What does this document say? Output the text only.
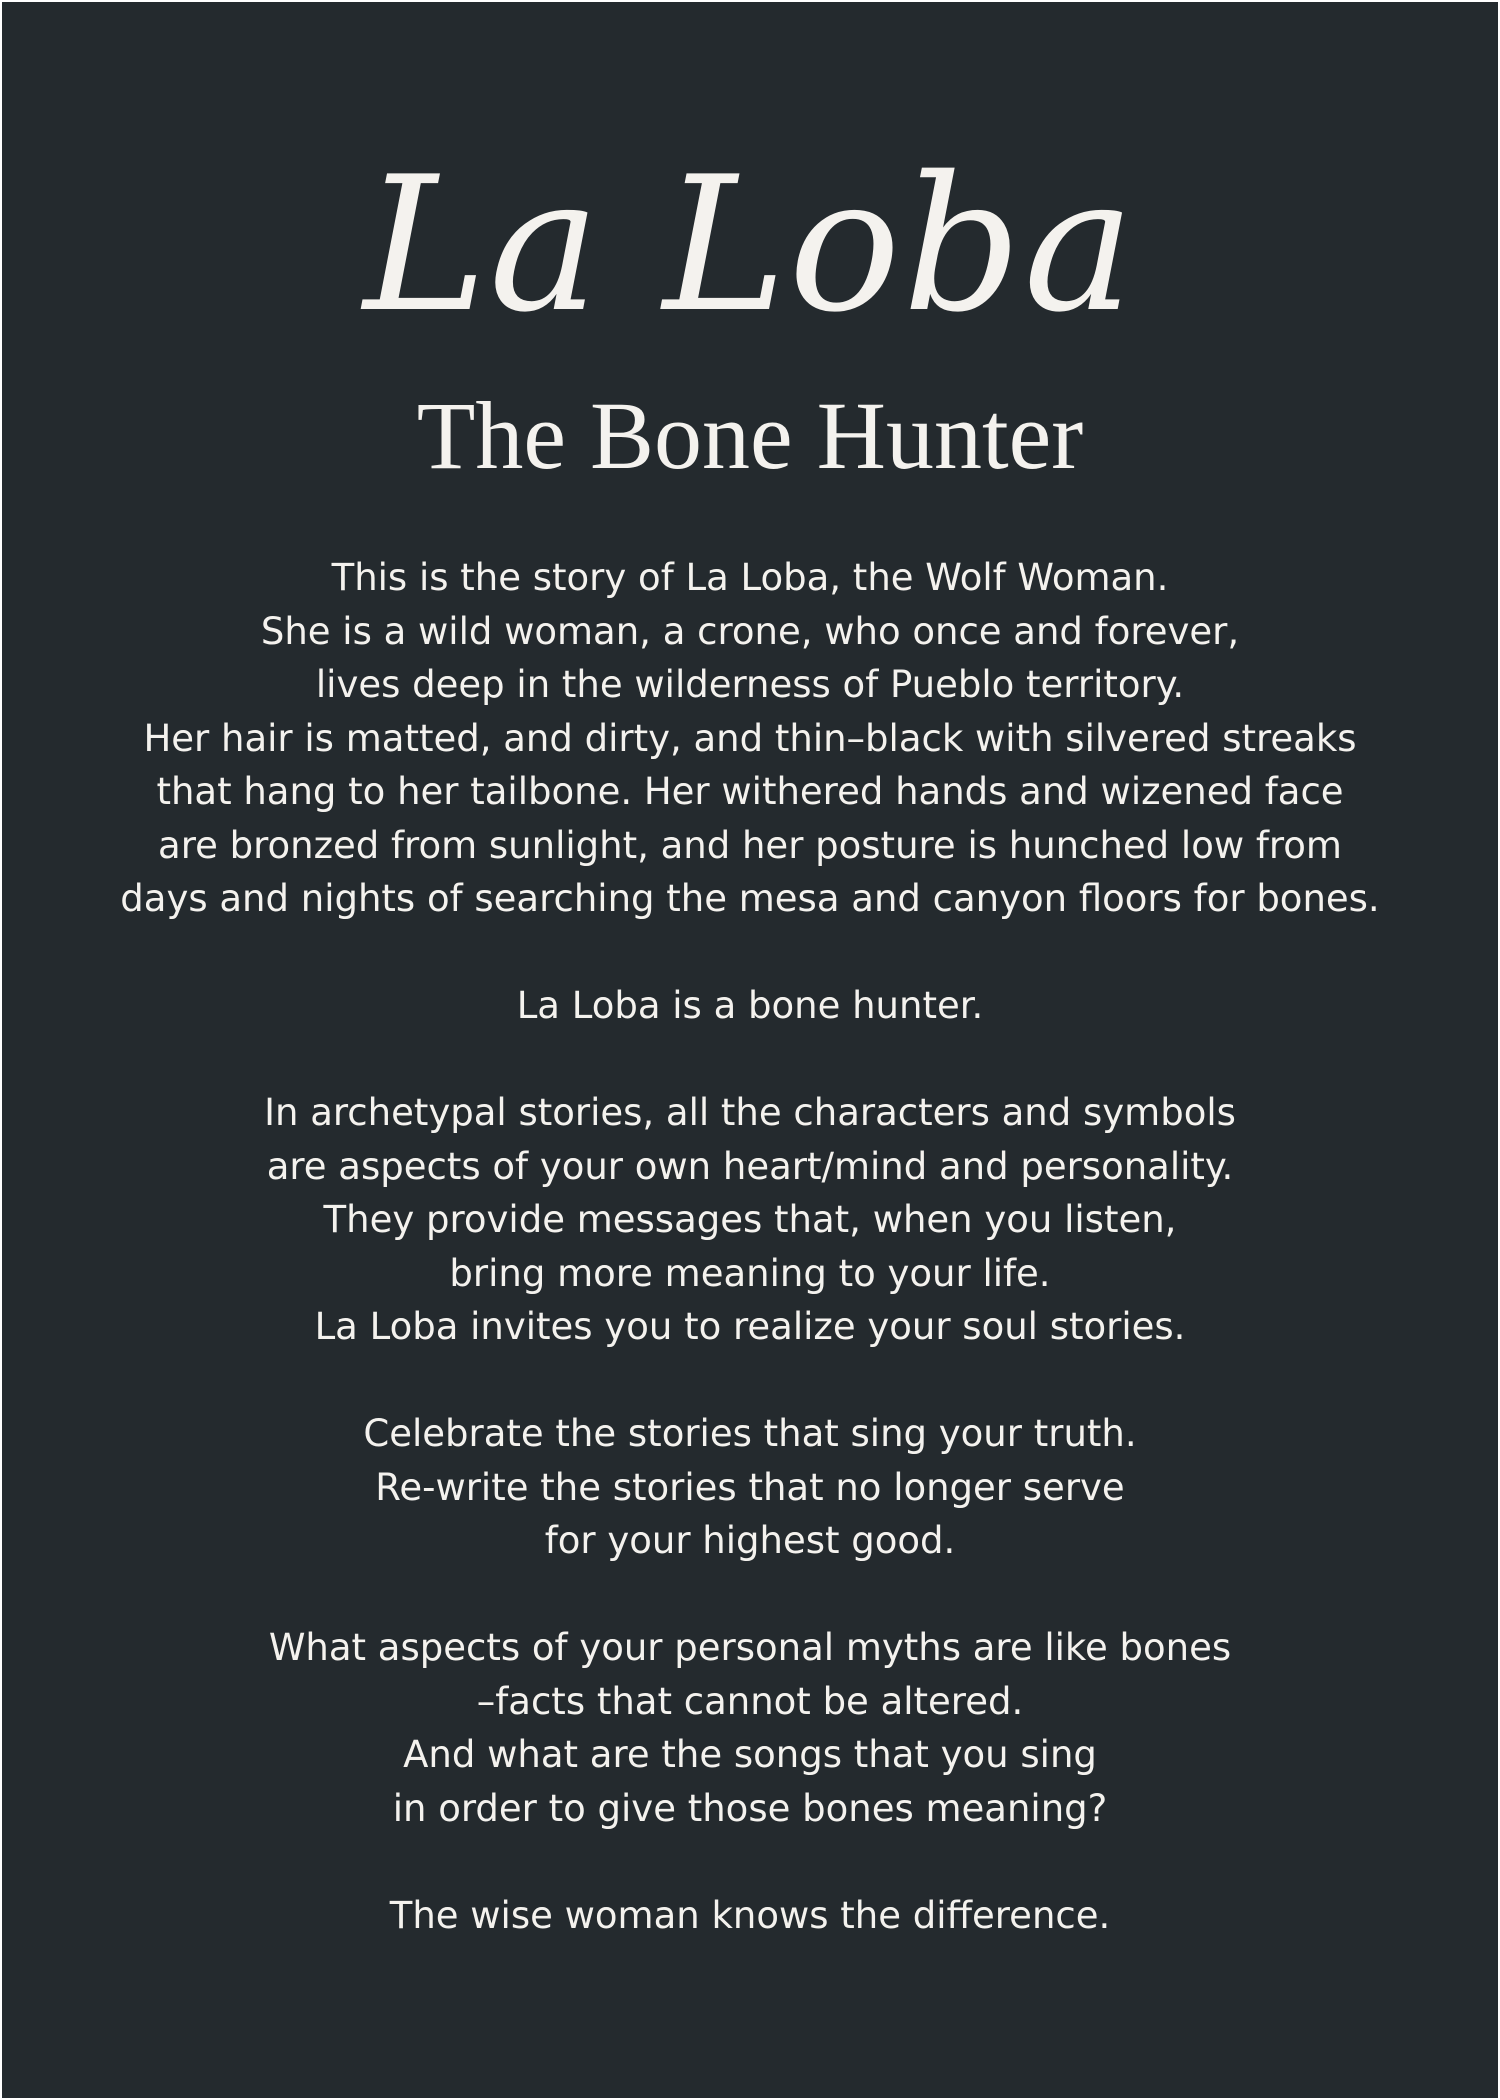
La Loba
The Bone Hunter
This is the story of La Loba, the Wolf Woman.
She is a wild woman, a crone, who once and forever,
lives deep in the wilderness of Pueblo territory.
Her hair is matted, and dirty, and thin–black with silvered streaks
that hang to her tailbone. Her withered hands and wizened face
are bronzed from sunlight, and her posture is hunched low from
days and nights of searching the mesa and canyon floors for bones.
La Loba is a bone hunter.
In archetypal stories, all the characters and symbols
are aspects of your own heart/mind and personality.
They provide messages that, when you listen,
bring more meaning to your life.
La Loba invites you to realize your soul stories.
Celebrate the stories that sing your truth.
Re-write the stories that no longer serve
for your highest good.
What aspects of your personal myths are like bones
–facts that cannot be altered.
And what are the songs that you sing
in order to give those bones meaning?
The wise woman knows the difference.
